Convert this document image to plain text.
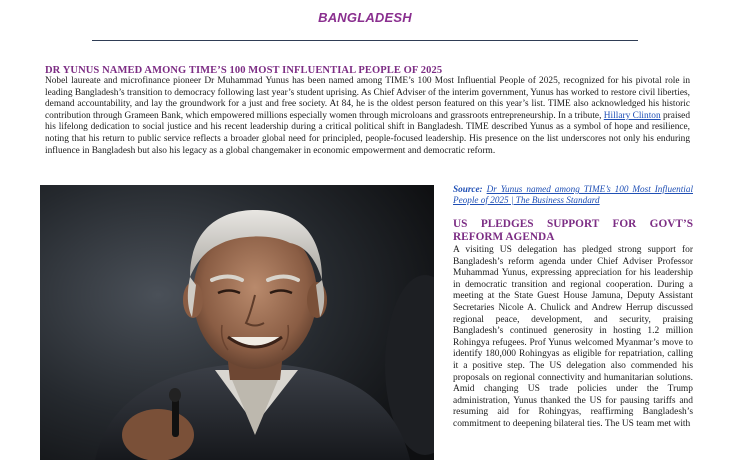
BANGLADESH
DR YUNUS NAMED AMONG TIME’S 100 MOST INFLUENTIAL PEOPLE OF 2025

Nobel laureate and microfinance pioneer Dr Muhammad Yunus has been named among TIME’s 100 Most Influential People of 2025, recognized for his pivotal role in leading Bangladesh’s transition to democracy following last year’s student uprising. As Chief Adviser of the interim government, Yunus has worked to restore civil liberties, demand accountability, and lay the groundwork for a just and free society. At 84, he is the oldest person featured on this year’s list. TIME also acknowledged his historic contribution through Grameen Bank, which empowered millions especially women through microloans and grassroots entrepreneurship. In a tribute, Hillary Clinton praised his lifelong dedication to social justice and his recent leadership during a critical political shift in Bangladesh. TIME described Yunus as a symbol of hope and resilience, noting that his return to public service reflects a broader global need for principled, people-focused leadership. His presence on the list underscores not only his enduring influence in Bangladesh but also his legacy as a global changemaker in economic empowerment and democratic reform.

Source: Dr Yunus named among TIME’s 100 Most Influential People of 2025 | The Business Standard

US PLEDGES SUPPORT FOR GOVT’S REFORM AGENDA

A visiting US delegation has pledged strong support for Bangladesh’s reform agenda under Chief Adviser Professor Muhammad Yunus, expressing appreciation for his leadership in democratic transition and regional cooperation. During a meeting at the State Guest House Jamuna, Deputy Assistant Secretaries Nicole A. Chulick and Andrew Herrup discussed regional peace, development, and security, praising Bangladesh’s continued generosity in hosting 1.2 million Rohingya refugees. Prof Yunus welcomed Myanmar’s move to identify 180,000 Rohingyas as eligible for repatriation, calling it a positive step. The US delegation also commended his proposals on regional connectivity and humanitarian solutions. Amid changing US trade policies under the Trump administration, Yunus thanked the US for pausing tariffs and resuming aid for Rohingyas, reaffirming Bangladesh’s commitment to deepening bilateral ties. The US team met with
